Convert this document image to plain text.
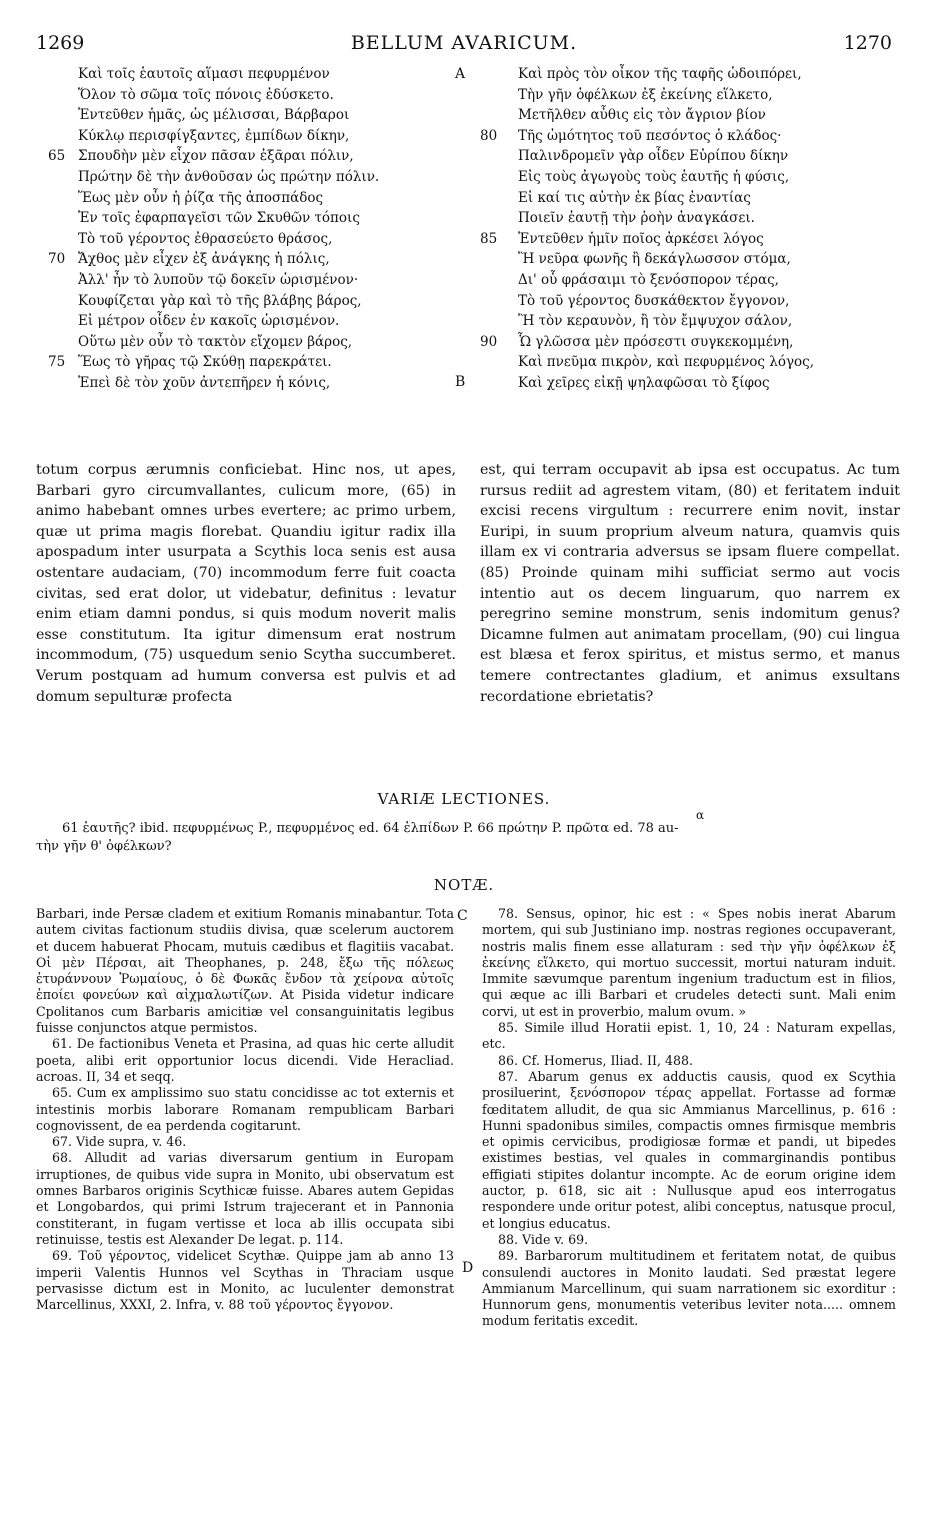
1269	BELLUM AVARICUM.	1270
Καὶ τοῖς ἑαυτοῖς αἵμασι πεφυρμένον
Ὅλον τὸ σῶμα τοῖς πόνοις ἐδύσκετο.
Ἐντεῦθεν ἡμᾶς, ὡς μέλισσαι, Βάρβαροι
Κύκλῳ περισφίγξαντες, ἐμπίδων δίκην,
65 Σπουδὴν μὲν εἶχον πᾶσαν ἐξᾶραι πόλιν,
Πρώτην δὲ τὴν ἀνθοῦσαν ὡς πρώτην πόλιν.
Ἕως μὲν οὖν ἡ ῥίζα τῆς ἀποσπάδος
Ἐν τοῖς ἐφαρπαγεῖσι τῶν Σκυθῶν τόποις
Τὸ τοῦ γέροντος ἐθρασεύετο θράσος,
70 Ἄχθος μὲν εἶχεν ἐξ ἀνάγκης ἡ πόλις,
Ἀλλ' ἦν τὸ λυποῦν τῷ δοκεῖν ὡρισμένον·
Κουφίζεται γὰρ καὶ τὸ τῆς βλάβης βάρος,
Εἰ μέτρον οἶδεν ἐν κακοῖς ὡρισμένον.
Οὕτω μὲν οὖν τὸ τακτὸν εἴχομεν βάρος,
75 Ἕως τὸ γῆρας τῷ Σκύθῃ παρεκράτει.
Ἐπεὶ δὲ τὸν χοῦν ἀντεπῆρεν ἡ κόνις,
Καὶ πρὸς τὸν οἶκον τῆς ταφῆς ὡδοιπόρει,
Τὴν γῆν ὀφέλκων ἐξ ἐκείνης εἵλκετο,
Μετῆλθεν αὖθις εἰς τὸν ἄγριον βίον
80	Τῆς ὠμότητος τοῦ πεσόντος ὁ κλάδος·
Παλινδρομεῖν γὰρ οἶδεν Εὐρίπου δίκην
Εἰς τοὺς ἀγωγοὺς τοὺς ἑαυτῆς ἡ φύσις,
Εἰ καί τις αὐτὴν ἐκ βίας ἐναντίας
Ποιεῖν ἑαυτῇ τὴν ῥοὴν ἀναγκάσει.
85	Ἐντεῦθεν ἡμῖν ποῖος ἀρκέσει λόγος
Ἢ νεῦρα φωνῆς ἢ δεκάγλωσσον στόμα,
Δι' οὗ φράσαιμι τὸ ξενόσπορον τέρας,
Τὸ τοῦ γέροντος δυσκάθεκτον ἔγγονον,
Ἢ τὸν κεραυνὸν, ἢ τὸν ἔμψυχον σάλον,
90	Ὧ γλῶσσα μὲν πρόσεστι συγκεκομμένη,
Καὶ πνεῦμα πικρὸν, καὶ πεφυρμένος λόγος,
Καὶ χεῖρες εἰκῇ ψηλαφῶσαι τὸ ξίφος
A
B

totum corpus ærumnis conficiebat. Hinc nos, ut apes, Barbari gyro circumvallantes, culicum more, (65) in animo habebant omnes urbes evertere; ac primo urbem, quæ ut prima magis florebat. Quandiu igitur radix illa apospadum inter usurpata a Scythis loca senis est ausa ostentare audaciam, (70) incommodum ferre fuit coacta civitas, sed erat dolor, ut videbatur, definitus : levatur enim etiam damni pondus, si quis modum noverit malis esse constitutum. Ita igitur dimensum erat nostrum incommodum, (75) usquedum senio Scytha succumberet. Verum postquam ad humum conversa est pulvis et ad domum sepulturæ profecta

est, qui terram occupavit ab ipsa est occupatus. Ac tum rursus rediit ad agrestem vitam, (80) et feritatem induit excisi recens virgultum : recurrere enim novit, instar Euripi, in suum proprium alveum natura, quamvis quis illam ex vi contraria adversus se ipsam fluere compellat. (85) Proinde quinam mihi sufficiat sermo aut vocis intentio aut os decem linguarum, quo narrem ex peregrino semine monstrum, senis indomitum genus? Dicamne fulmen aut animatam procellam, (90) cui lingua est blæsa et ferox spiritus, et mistus sermo, et manus temere contrectantes gladium, et animus exsultans recordatione ebrietatis?

VARIÆ LECTIONES.
α
61 ἑαυτῆς? ibid. πεφυρμένως P., πεφυρμένος ed. 64 ἐλπίδων P. 66 πρώτην P. πρῶτα ed. 78 au-
τὴν γῆν θ' ὀφέλκων?
NOTÆ.
C
D

Barbari, inde Persæ cladem et exitium Romanis minabantur. Tota autem civitas factionum studiis divisa, quæ scelerum auctorem et ducem habuerat Phocam, mutuis cædibus et flagitiis vacabat. Οἱ μὲν Πέρσαι, ait Theophanes, p. 248, ἔξω τῆς πόλεως ἐτυράννουν Ῥωμαίους, ὁ δὲ Φωκᾶς ἔνδον τὰ χείρονα αὐτοῖς ἐποίει φονεύων καὶ αἰχμαλωτίζων. At Pisida videtur indicare Cpolitanos cum Barbaris amicitiæ vel consanguinitatis legibus fuisse conjunctos atque permistos.

61. De factionibus Veneta et Prasina, ad quas hic certe alludit poeta, alibi erit opportunior locus dicendi. Vide Heracliad. acroas. II, 34 et seqq.

65. Cum ex amplissimo suo statu concidisse ac tot externis et intestinis morbis laborare Romanam rempublicam Barbari cognovissent, de ea perdenda cogitarunt.

67. Vide supra, v. 46.

68. Alludit ad varias diversarum gentium in Europam irruptiones, de quibus vide supra in Monito, ubi observatum est omnes Barbaros originis Scythicæ fuisse. Abares autem Gepidas et Longobardos, qui primi Istrum trajecerant et in Pannonia constiterant, in fugam vertisse et loca ab illis occupata sibi retinuisse, testis est Alexander De legat. p. 114.

69. Τοῦ γέροντος, videlicet Scythæ. Quippe jam ab anno 13 imperii Valentis Hunnos vel Scythas in Thraciam usque pervasisse dictum est in Monito, ac luculenter demonstrat Marcellinus, XXXI, 2. Infra, v. 88 τοῦ γέροντος ἔγγονον.

78. Sensus, opinor, hic est : « Spes nobis inerat Abarum mortem, qui sub Justiniano imp. nostras regiones occupaverant, nostris malis finem esse allaturam : sed τὴν γῆν ὀφέλκων ἐξ ἐκείνης εἵλκετο, qui mortuo successit, mortui naturam induit. Immite sævumque parentum ingenium traductum est in filios, qui æque ac illi Barbari et crudeles detecti sunt. Mali enim corvi, ut est in proverbio, malum ovum. »

85. Simile illud Horatii epist. 1, 10, 24 : Naturam expellas, etc.

86. Cf. Homerus, Iliad. II, 488.

87. Abarum genus ex adductis causis, quod ex Scythia prosiluerint, ξενόσπορον τέρας appellat. Fortasse ad formæ fœditatem alludit, de qua sic Ammianus Marcellinus, p. 616 : Hunni spadonibus similes, compactis omnes firmisque membris et opimis cervicibus, prodigiosæ formæ et pandi, ut bipedes existimes bestias, vel quales in commarginandis pontibus effigiati stipites dolantur incompte. Ac de eorum origine idem auctor, p. 618, sic ait : Nullusque apud eos interrogatus respondere unde oritur potest, alibi conceptus, natusque procul, et longius educatus.

88. Vide v. 69.

89. Barbarorum multitudinem et feritatem notat, de quibus consulendi auctores in Monito laudati. Sed præstat legere Ammianum Marcellinum, qui suam narrationem sic exorditur : Hunnorum gens, monumentis veteribus leviter nota..... omnem modum feritatis excedit.
